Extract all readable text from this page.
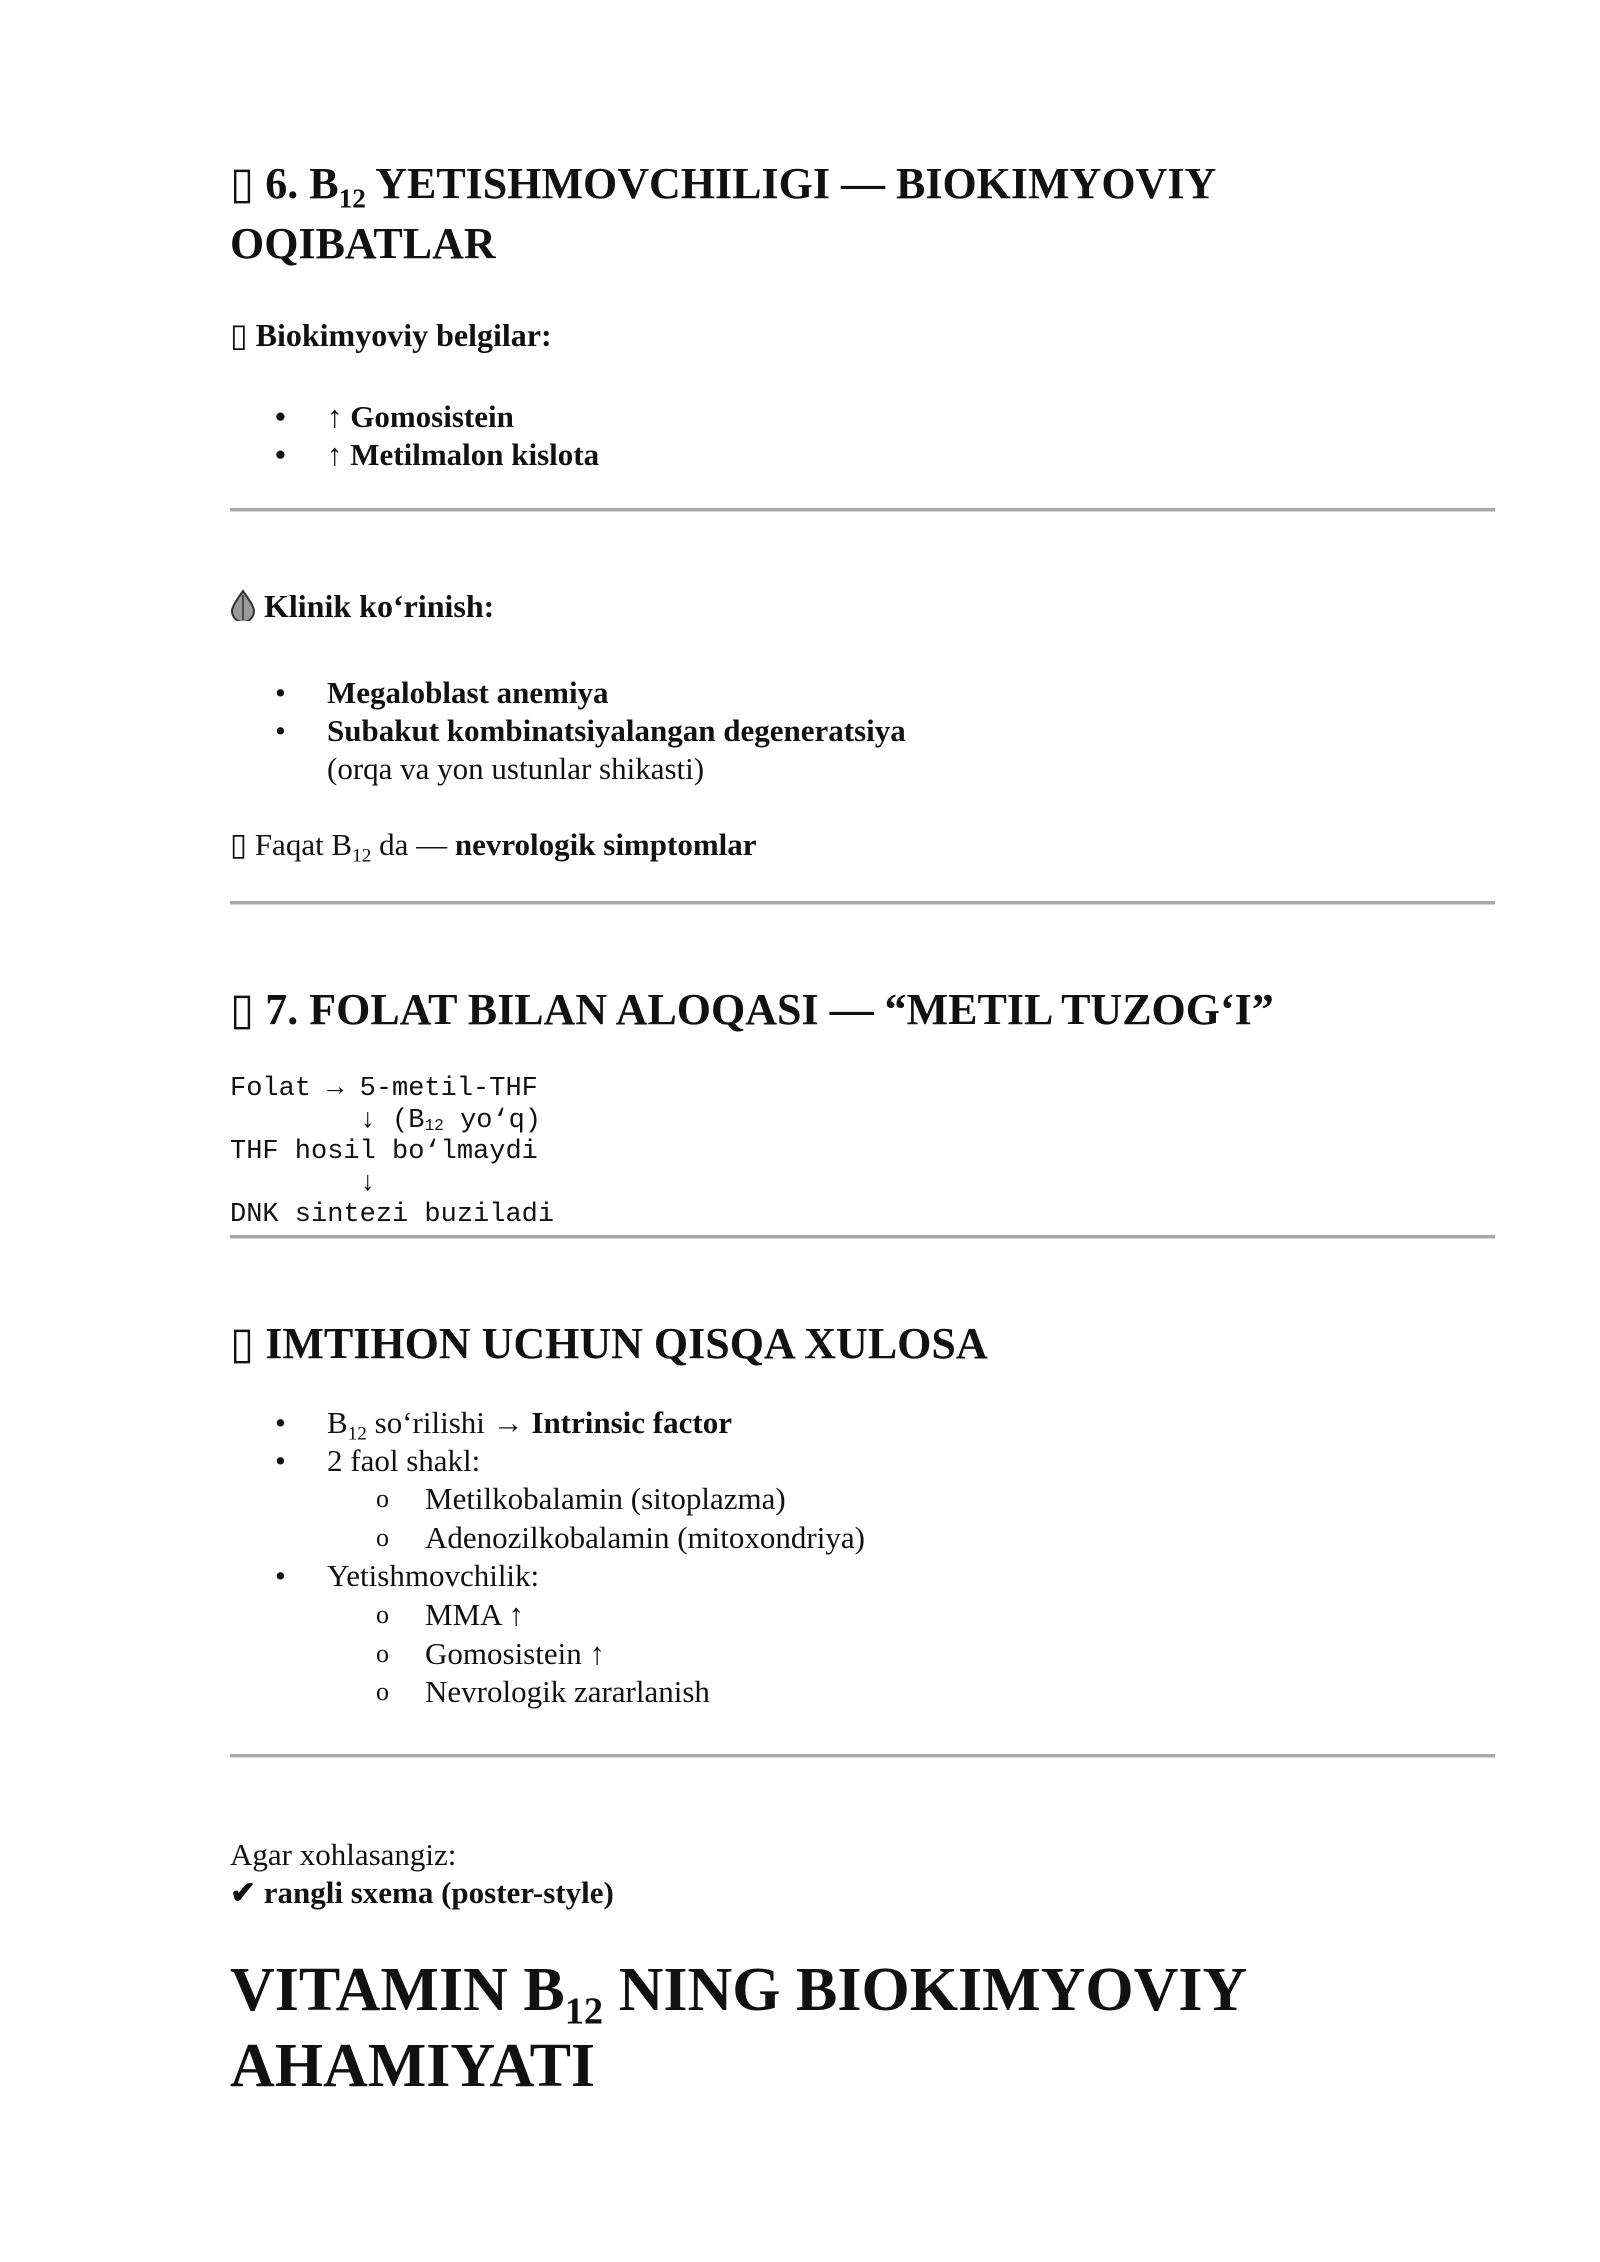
▯ 6. $B_{12}$ YETISHMOVCHILIGI — BIOKIMYOVIY
OQIBATLAR
▯ Biokimyoviy belgilar:
• ↑ Gomosistein
• ↑ Metilmalon kislota
Klinik ko‘rinish:
• Megaloblast anemiya
• Subakut kombinatsiyalangan degeneratsiya
(orqa va yon ustunlar shikasti)
▯ Faqat $B_{12}$ da — nevrologik simptomlar
▯ 7. FOLAT BILAN ALOQASI — “METIL TUZOG‘I”
Folat → 5-metil-THF
↓ ($B_{12}$ yo‘q)
THF hosil bo‘lmaydi
↓
DNK sintezi buziladi
▯ IMTIHON UCHUN QISQA XULOSA
• $B_{12}$ so‘rilishi → Intrinsic factor
• 2 faol shakl:
o Metilkobalamin (sitoplazma)
o Adenozilkobalamin (mitoxondriya)
• Yetishmovchilik:
o MMA ↑
o Gomosistein ↑
o Nevrologik zararlanish
Agar xohlasangiz:
✔ rangli sxema (poster-style)
VITAMIN $B_{12}$ NING BIOKIMYOVIY
AHAMIYATI
